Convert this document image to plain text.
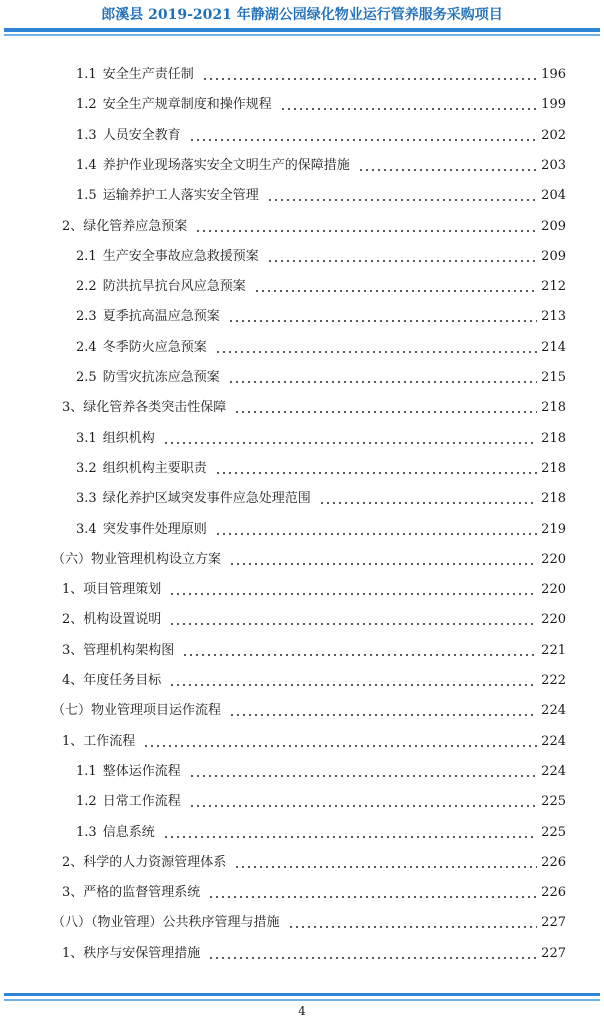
郎溪县 2019-2021 年静湖公园绿化物业运行管养服务采购项目
1.1 安全生产责任制	196
1.2 安全生产规章制度和操作规程	199
1.3 人员安全教育	202
1.4 养护作业现场落实安全文明生产的保障措施	203
1.5 运输养护工人落实安全管理	204
2、绿化管养应急预案	209
2.1 生产安全事故应急救援预案	209
2.2 防洪抗旱抗台风应急预案	212
2.3 夏季抗高温应急预案	213
2.4 冬季防火应急预案	214
2.5 防雪灾抗冻应急预案	215
3、绿化管养各类突击性保障	218
3.1 组织机构	218
3.2 组织机构主要职责	218
3.3 绿化养护区域突发事件应急处理范围	218
3.4 突发事件处理原则	219
（六）物业管理机构设立方案	220
1、项目管理策划	220
2、机构设置说明	220
3、管理机构架构图	221
4、年度任务目标	222
（七）物业管理项目运作流程	224
1、工作流程	224
1.1 整体运作流程	224
1.2 日常工作流程	225
1.3 信息系统	225
2、科学的人力资源管理体系	226
3、严格的监督管理系统	226
（八）（物业管理）公共秩序管理与措施	227
1、秩序与安保管理措施	227
4
